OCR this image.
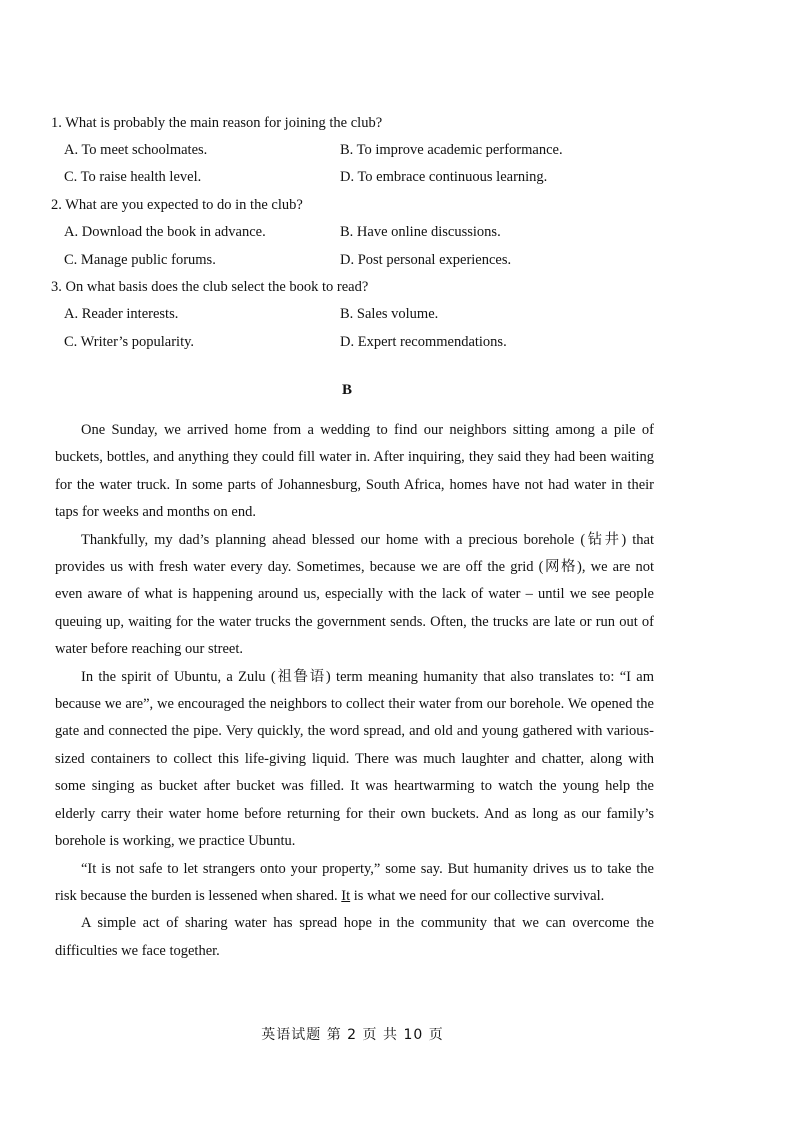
1. What is probably the main reason for joining the club?
A. To meet schoolmates.	B. To improve academic performance.
C. To raise health level.	D. To embrace continuous learning.
2. What are you expected to do in the club?
A. Download the book in advance.	B. Have online discussions.
C. Manage public forums.	D. Post personal experiences.
3. On what basis does the club select the book to read?
A. Reader interests.	B. Sales volume.
C. Writer’s popularity.	D. Expert recommendations.
B

One Sunday, we arrived home from a wedding to find our neighbors sitting among a pile of buckets, bottles, and anything they could fill water in. After inquiring, they said they had been waiting for the water truck. In some parts of Johannesburg, South Africa, homes have not had water in their taps for weeks and months on end.

Thankfully, my dad’s planning ahead blessed our home with a precious borehole (钻井) that provides us with fresh water every day. Sometimes, because we are off the grid (网格), we are not even aware of what is happening around us, especially with the lack of water – until we see people queuing up, waiting for the water trucks the government sends. Often, the trucks are late or run out of water before reaching our street.

In the spirit of Ubuntu, a Zulu (祖鲁语) term meaning humanity that also translates to: “I am because we are”, we encouraged the neighbors to collect their water from our borehole. We opened the gate and connected the pipe. Very quickly, the word spread, and old and young gathered with various-sized containers to collect this life-giving liquid. There was much laughter and chatter, along with some singing as bucket after bucket was filled. It was heartwarming to watch the young help the elderly carry their water home before returning for their own buckets. And as long as our family’s borehole is working, we practice Ubuntu.

“It is not safe to let strangers onto your property,” some say. But humanity drives us to take the risk because the burden is lessened when shared. It is what we need for our collective survival.

A simple act of sharing water has spread hope in the community that we can overcome the difficulties we face together.

英语试题 第 2 页 共 10 页
